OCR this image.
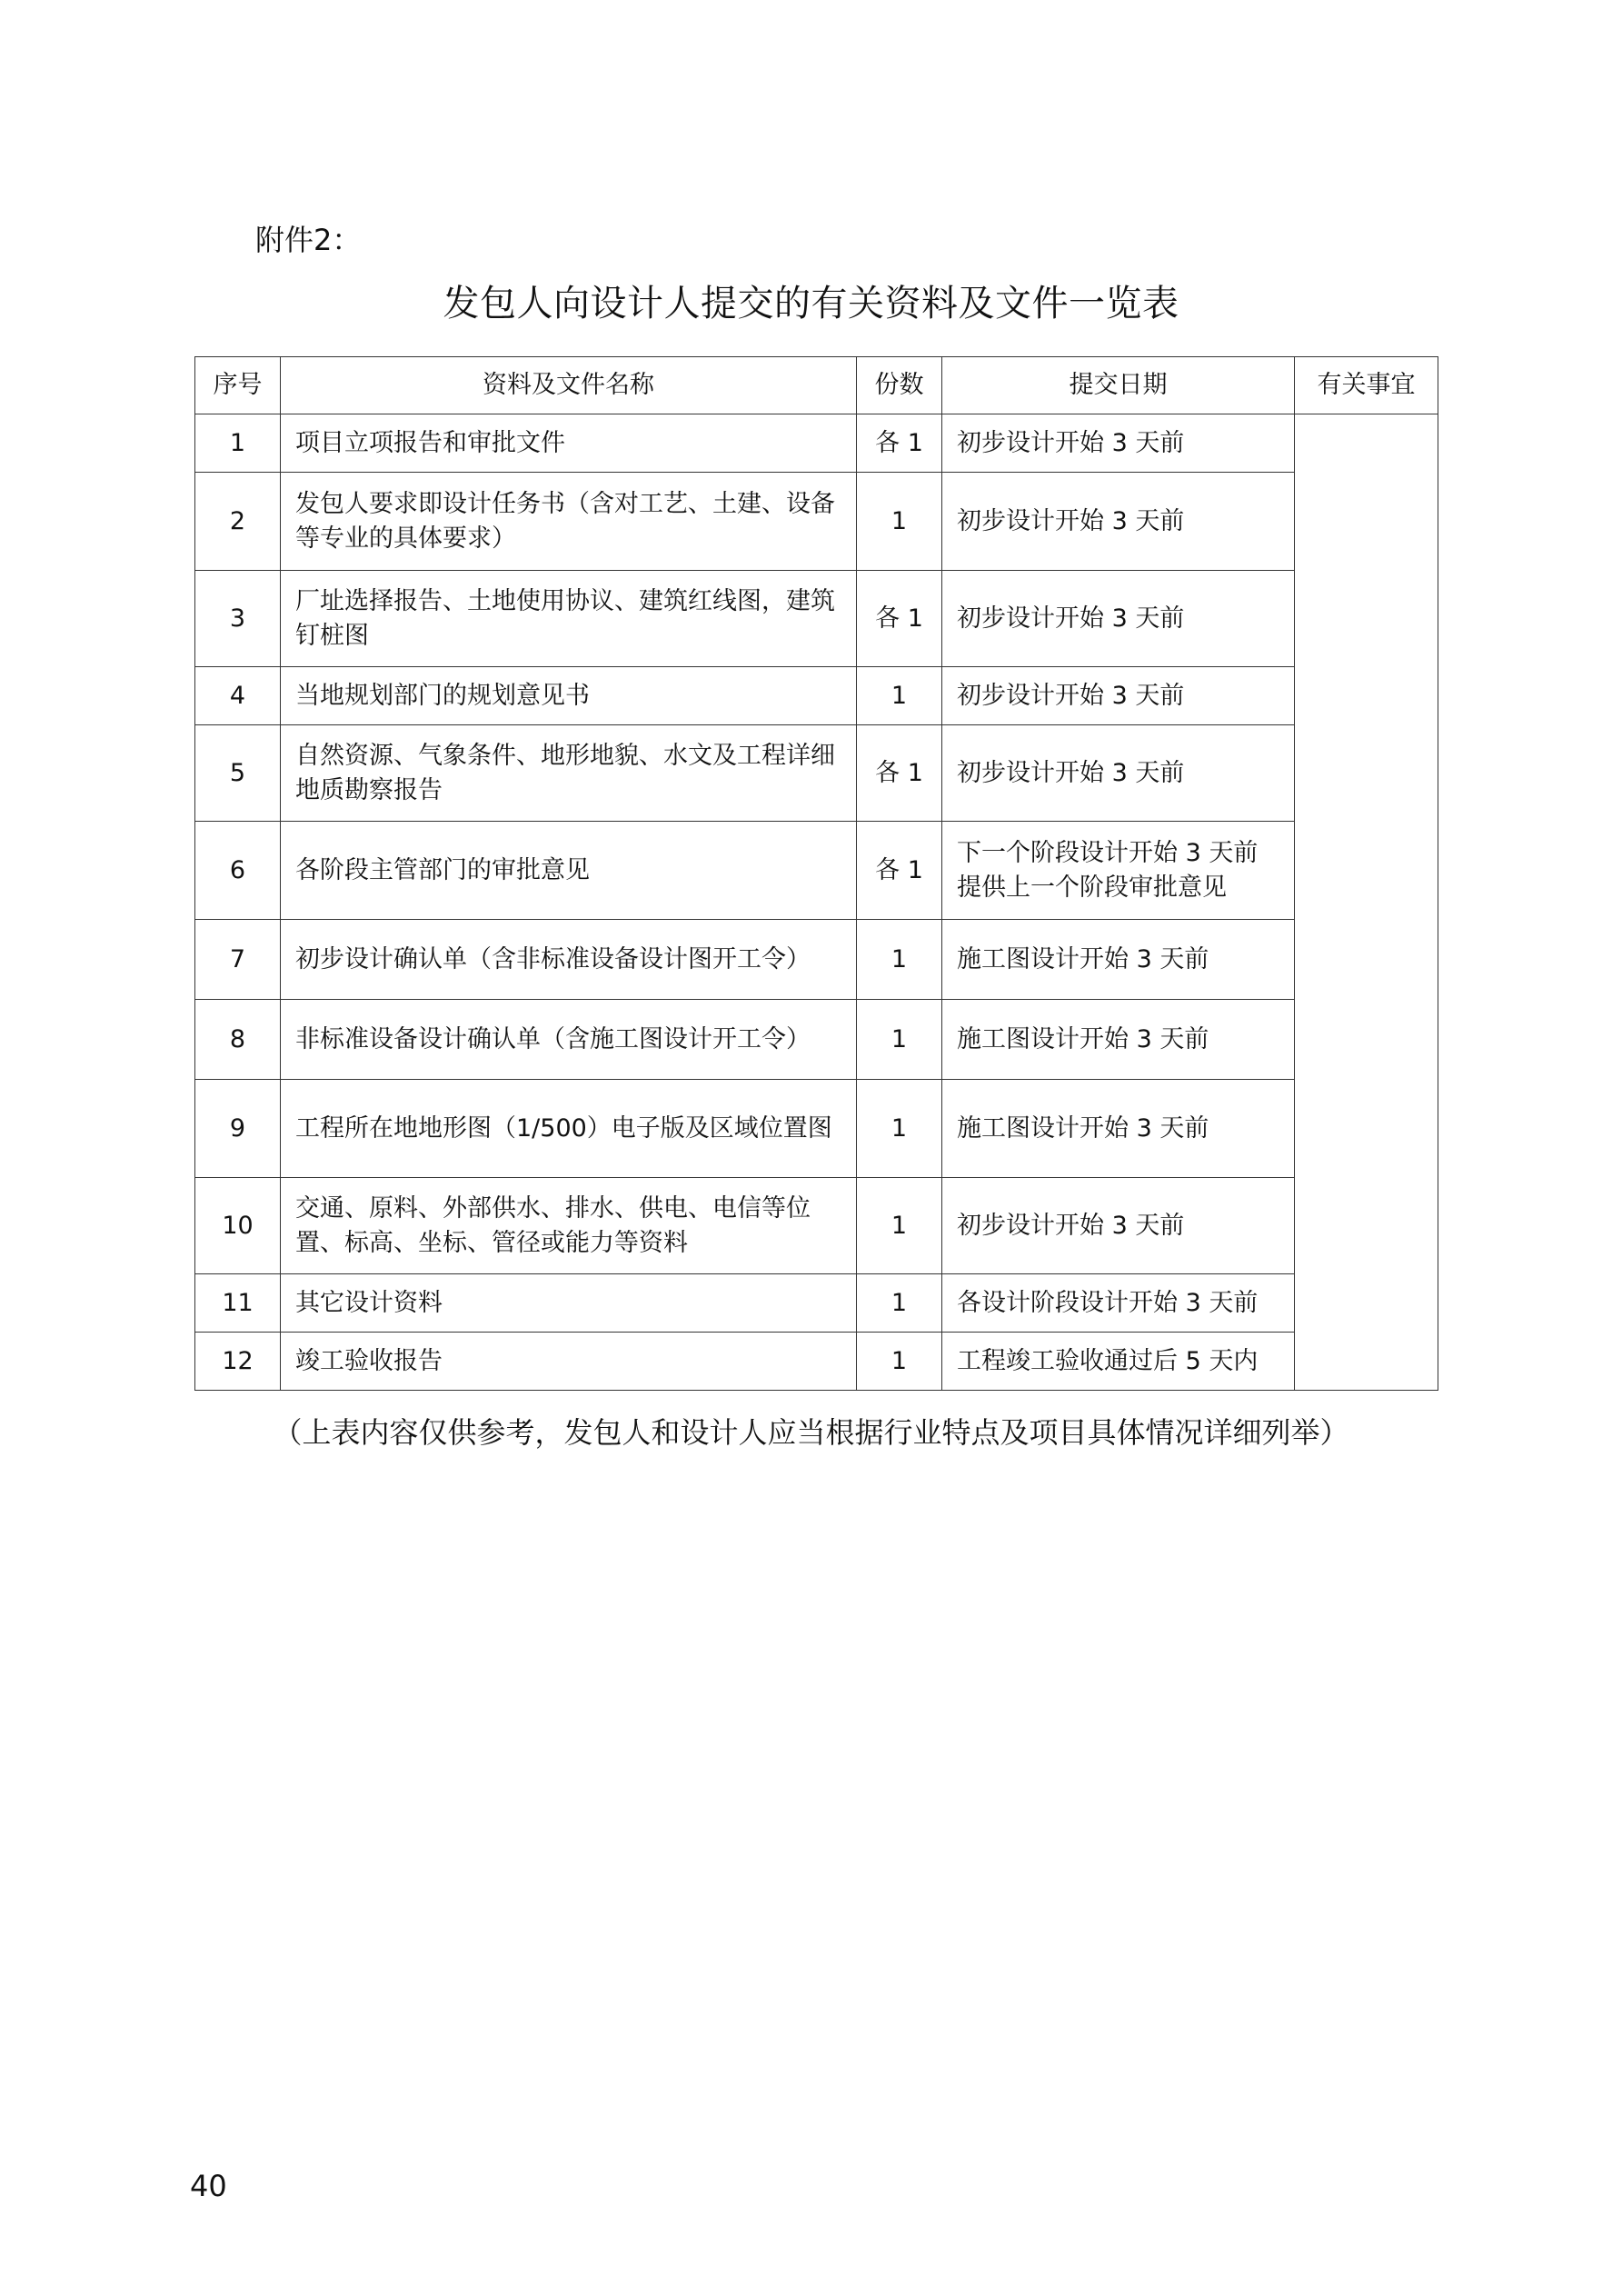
附件2：
发包人向设计人提交的有关资料及文件一览表
序号	资料及文件名称	份数	提交日期	有关事宜
1	项目立项报告和审批文件	各 1	初步设计开始 3 天前	
2	发包人要求即设计任务书（含对工艺、土建、设备等专业的具体要求）	1	初步设计开始 3 天前	
3	厂址选择报告、土地使用协议、建筑红线图，建筑钉桩图	各 1	初步设计开始 3 天前	
4	当地规划部门的规划意见书	1	初步设计开始 3 天前	
5	自然资源、气象条件、地形地貌、水文及工程详细地质勘察报告	各 1	初步设计开始 3 天前	
6	各阶段主管部门的审批意见	各 1	下一个阶段设计开始 3 天前提供上一个阶段审批意见	
7	初步设计确认单（含非标准设备设计图开工令）	1	施工图设计开始 3 天前	
8	非标准设备设计确认单（含施工图设计开工令）	1	施工图设计开始 3 天前	
9	工程所在地地形图（1/500）电子版及区域位置图	1	施工图设计开始 3 天前	
10	交通、原料、外部供水、排水、供电、电信等位置、标高、坐标、管径或能力等资料	1	初步设计开始 3 天前	
11	其它设计资料	1	各设计阶段设计开始 3 天前	
12	竣工验收报告	1	工程竣工验收通过后 5 天内	
（上表内容仅供参考，发包人和设计人应当根据行业特点及项目具体情况详细列举）
40
